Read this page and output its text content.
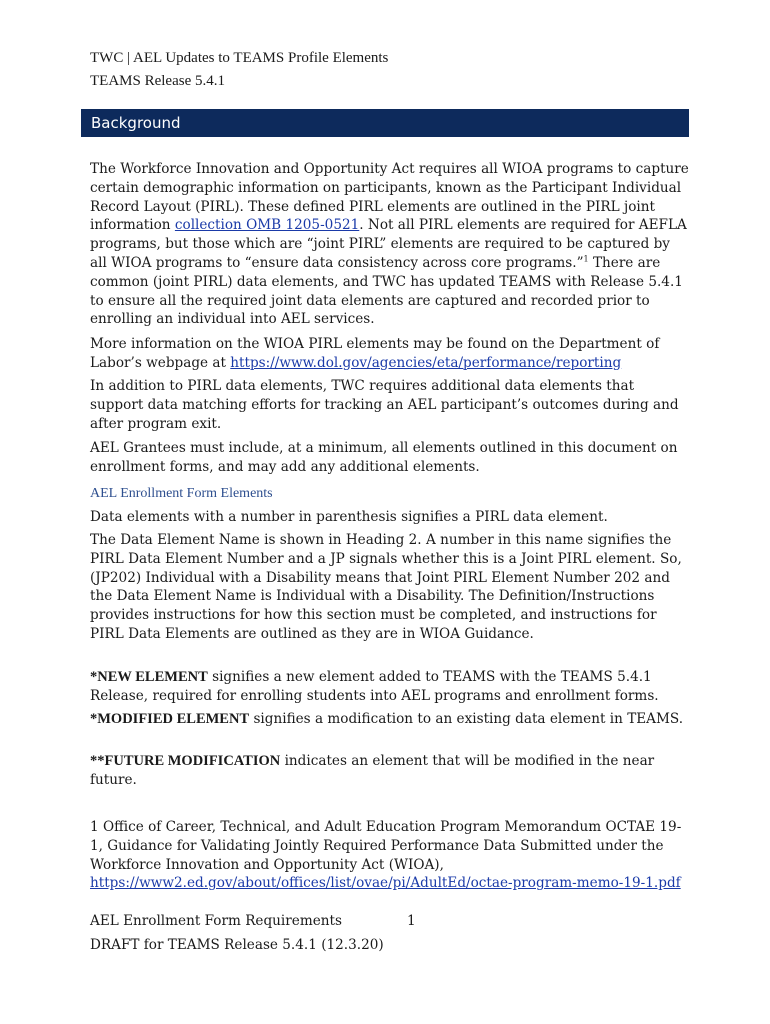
TWC | AEL Updates to TEAMS Profile Elements
TEAMS Release 5.4.1
Background
The Workforce Innovation and Opportunity Act requires all WIOA programs to capture certain demographic information on participants, known as the Participant Individual Record Layout (PIRL). These defined PIRL elements are outlined in the PIRL joint information collection OMB 1205-0521. Not all PIRL elements are required for AEFLA programs, but those which are “joint PIRL” elements are required to be captured by all WIOA programs to “ensure data consistency across core programs.”$^1$ There are common (joint PIRL) data elements, and TWC has updated TEAMS with Release 5.4.1 to ensure all the required joint data elements are captured and recorded prior to enrolling an individual into AEL services.
More information on the WIOA PIRL elements may be found on the Department of Labor’s webpage at https://www.dol.gov/agencies/eta/performance/reporting
In addition to PIRL data elements, TWC requires additional data elements that support data matching efforts for tracking an AEL participant’s outcomes during and after program exit.
AEL Grantees must include, at a minimum, all elements outlined in this document on enrollment forms, and may add any additional elements.
AEL Enrollment Form Elements
Data elements with a number in parenthesis signifies a PIRL data element.
The Data Element Name is shown in Heading 2. A number in this name signifies the PIRL Data Element Number and a JP signals whether this is a Joint PIRL element. So, (JP202) Individual with a Disability means that Joint PIRL Element Number 202 and the Data Element Name is Individual with a Disability. The Definition/Instructions provides instructions for how this section must be completed, and instructions for PIRL Data Elements are outlined as they are in WIOA Guidance.
*NEW ELEMENT signifies a new element added to TEAMS with the TEAMS 5.4.1 Release, required for enrolling students into AEL programs and enrollment forms.
*MODIFIED ELEMENT signifies a modification to an existing data element in TEAMS.
**FUTURE MODIFICATION indicates an element that will be modified in the near future.
1 Office of Career, Technical, and Adult Education Program Memorandum OCTAE 19-1, Guidance for Validating Jointly Required Performance Data Submitted under the Workforce Innovation and Opportunity Act (WIOA),
https://www2.ed.gov/about/offices/list/ovae/pi/AdultEd/octae-program-memo-19-1.pdf
AEL Enrollment Form Requirements	1
DRAFT for TEAMS Release 5.4.1 (12.3.20)
